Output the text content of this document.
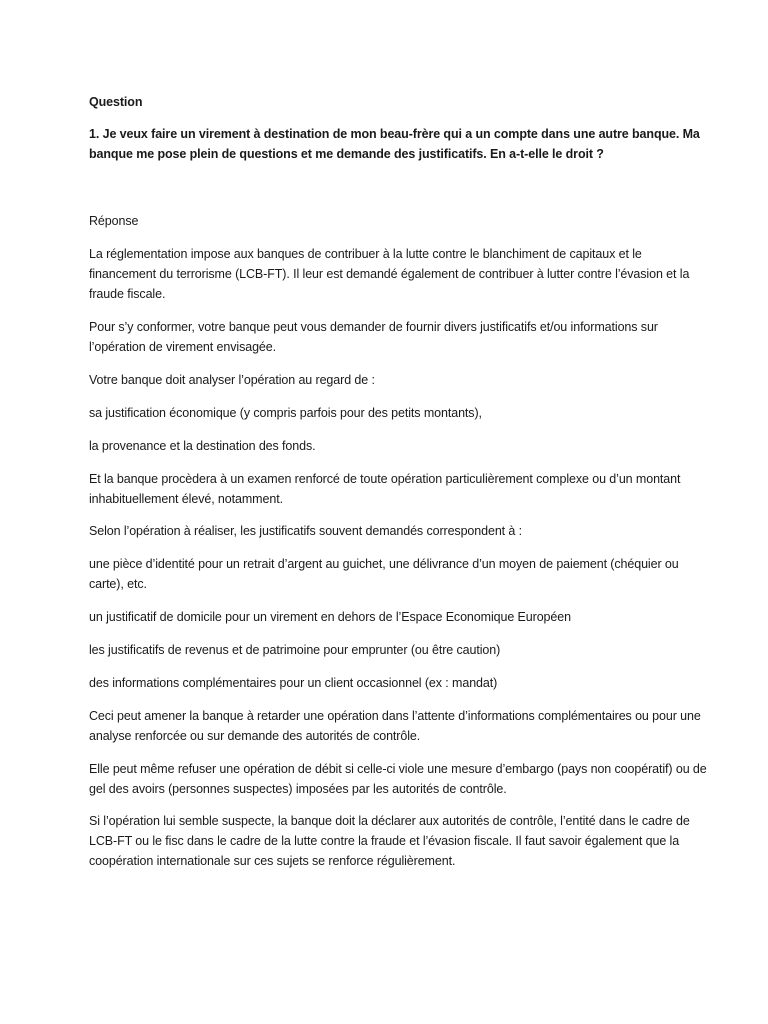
Question
1. Je veux faire un virement à destination de mon beau-frère qui a un compte dans une autre banque. Ma banque me pose plein de questions et me demande des justificatifs. En a-t-elle le droit ?
Réponse
La réglementation impose aux banques de contribuer à la lutte contre le blanchiment de capitaux et le financement du terrorisme (LCB-FT). Il leur est demandé également de contribuer à lutter contre l’évasion et la fraude fiscale.
Pour s’y conformer, votre banque peut vous demander de fournir divers justificatifs et/ou informations sur l’opération de virement envisagée.
Votre banque doit analyser l’opération au regard de :
sa justification économique (y compris parfois pour des petits montants),
la provenance et la destination des fonds.
Et la banque procèdera à un examen renforcé de toute opération particulièrement complexe ou d’un montant inhabituellement élevé, notamment.
Selon l’opération à réaliser, les justificatifs souvent demandés correspondent à :
une pièce d’identité pour un retrait d’argent au guichet, une délivrance d’un moyen de paiement (chéquier ou carte), etc.
un justificatif de domicile pour un virement en dehors de l’Espace Economique Européen
les justificatifs de revenus et de patrimoine pour emprunter (ou être caution)
des informations complémentaires pour un client occasionnel (ex : mandat)
Ceci peut amener la banque à retarder une opération dans l’attente d’informations complémentaires ou pour une analyse renforcée ou sur demande des autorités de contrôle.
Elle peut même refuser une opération de débit si celle-ci viole une mesure d’embargo (pays non coopératif) ou de gel des avoirs (personnes suspectes) imposées par les autorités de contrôle.
Si l’opération lui semble suspecte, la banque doit la déclarer aux autorités de contrôle, l’entité dans le cadre de LCB-FT ou le fisc dans le cadre de la lutte contre la fraude et l’évasion fiscale. Il faut savoir également que la coopération internationale sur ces sujets se renforce régulièrement.
